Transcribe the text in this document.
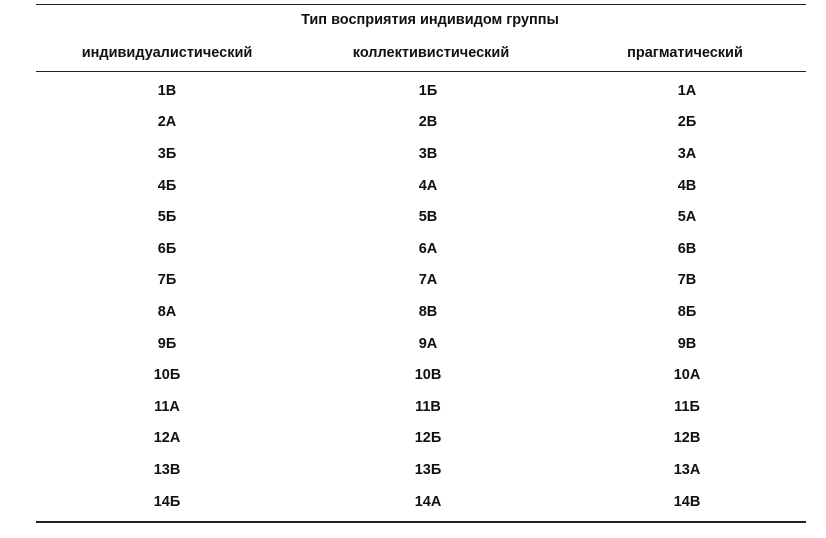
Тип восприятия индивидом группы
индивидуалистический	коллективистический	прагматический
1В	1Б	1А
2А	2В	2Б
3Б	3В	3А
4Б	4А	4В
5Б	5В	5А
6Б	6А	6В
7Б	7А	7В
8А	8В	8Б
9Б	9А	9В
10Б	10В	10А
11А	11В	11Б
12А	12Б	12В
13В	13Б	13А
14Б	14А	14В
